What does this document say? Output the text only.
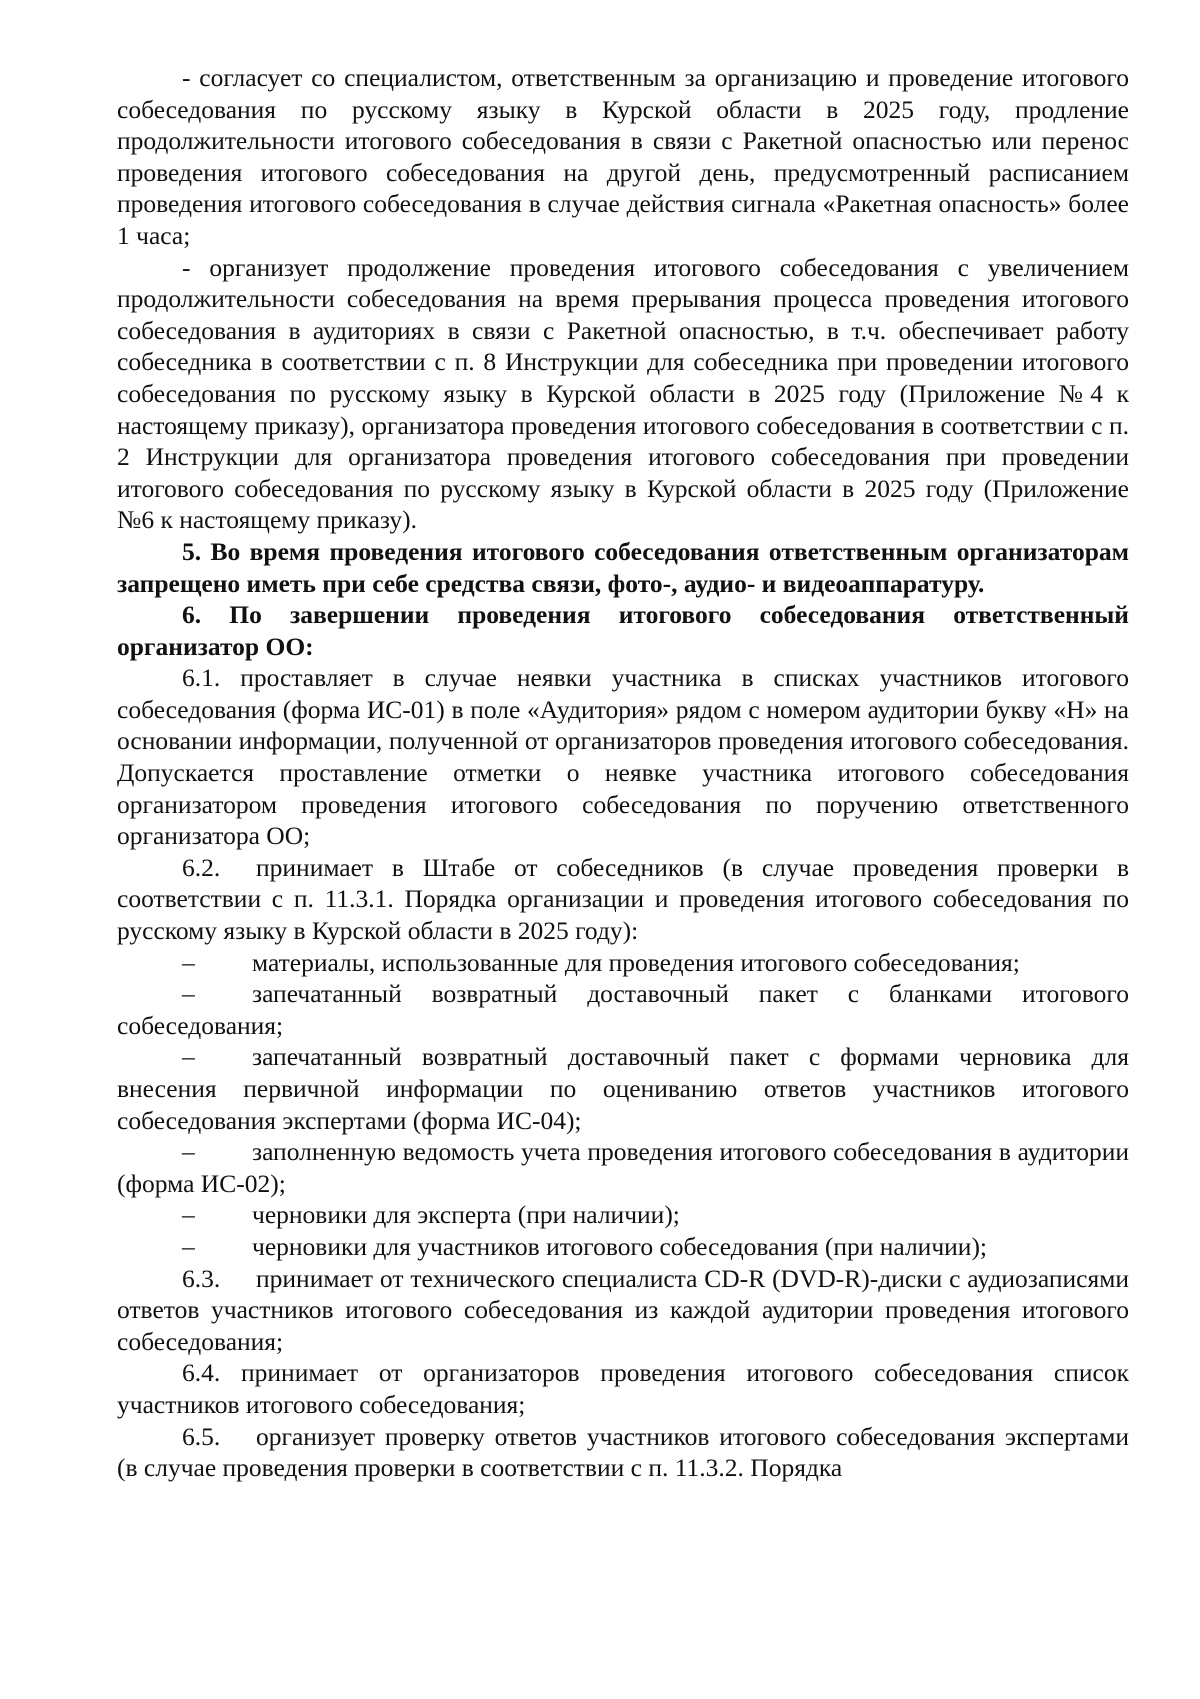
- согласует со специалистом, ответственным за организацию и проведение итогового собеседования по русскому языку в Курской области в 2025 году, продление продолжительности итогового собеседования в связи с Ракетной опасностью или перенос проведения итогового собеседования на другой день, предусмотренный расписанием проведения итогового собеседования в случае действия сигнала «Ракетная опасность» более 1 часа;

- организует продолжение проведения итогового собеседования с увеличением продолжительности собеседования на время прерывания процесса проведения итогового собеседования в аудиториях в связи с Ракетной опасностью, в т.ч. обеспечивает работу собеседника в соответствии с п. 8 Инструкции для собеседника при проведении итогового собеседования по русскому языку в Курской области в 2025 году (Приложение №4 к настоящему приказу), организатора проведения итогового собеседования в соответствии с п. 2 Инструкции для организатора проведения итогового собеседования при проведении итогового собеседования по русскому языку в Курской области в 2025 году (Приложение №6 к настоящему приказу).

5. Во время проведения итогового собеседования ответственным организаторам запрещено иметь при себе средства связи, фото-, аудио- и видеоаппаратуру.

6. По завершении проведения итогового собеседования ответственный организатор ОО:

6.1. проставляет в случае неявки участника в списках участников итогового собеседования (форма ИС-01) в поле «Аудитория» рядом с номером аудитории букву «Н» на основании информации, полученной от организаторов проведения итогового собеседования. Допускается проставление отметки о неявке участника итогового собеседования организатором проведения итогового собеседования по поручению ответственного организатора ОО;

6.2. принимает в Штабе от собеседников (в случае проведения проверки в соответствии с п. 11.3.1. Порядка организации и проведения итогового собеседования по русскому языку в Курской области в 2025 году):

– материалы, использованные для проведения итогового собеседования;

– запечатанный возвратный доставочный пакет с бланками итогового собеседования;

– запечатанный возвратный доставочный пакет с формами черновика для внесения первичной информации по оцениванию ответов участников итогового собеседования экспертами (форма ИС-04);

– заполненную ведомость учета проведения итогового собеседования в аудитории (форма ИС-02);

– черновики для эксперта (при наличии);

– черновики для участников итогового собеседования (при наличии);

6.3. принимает от технического специалиста CD-R (DVD-R)-диски с аудиозаписями ответов участников итогового собеседования из каждой аудитории проведения итогового собеседования;

6.4. принимает от организаторов проведения итогового собеседования список участников итогового собеседования;

6.5. организует проверку ответов участников итогового собеседования экспертами (в случае проведения проверки в соответствии с п. 11.3.2. Порядка
